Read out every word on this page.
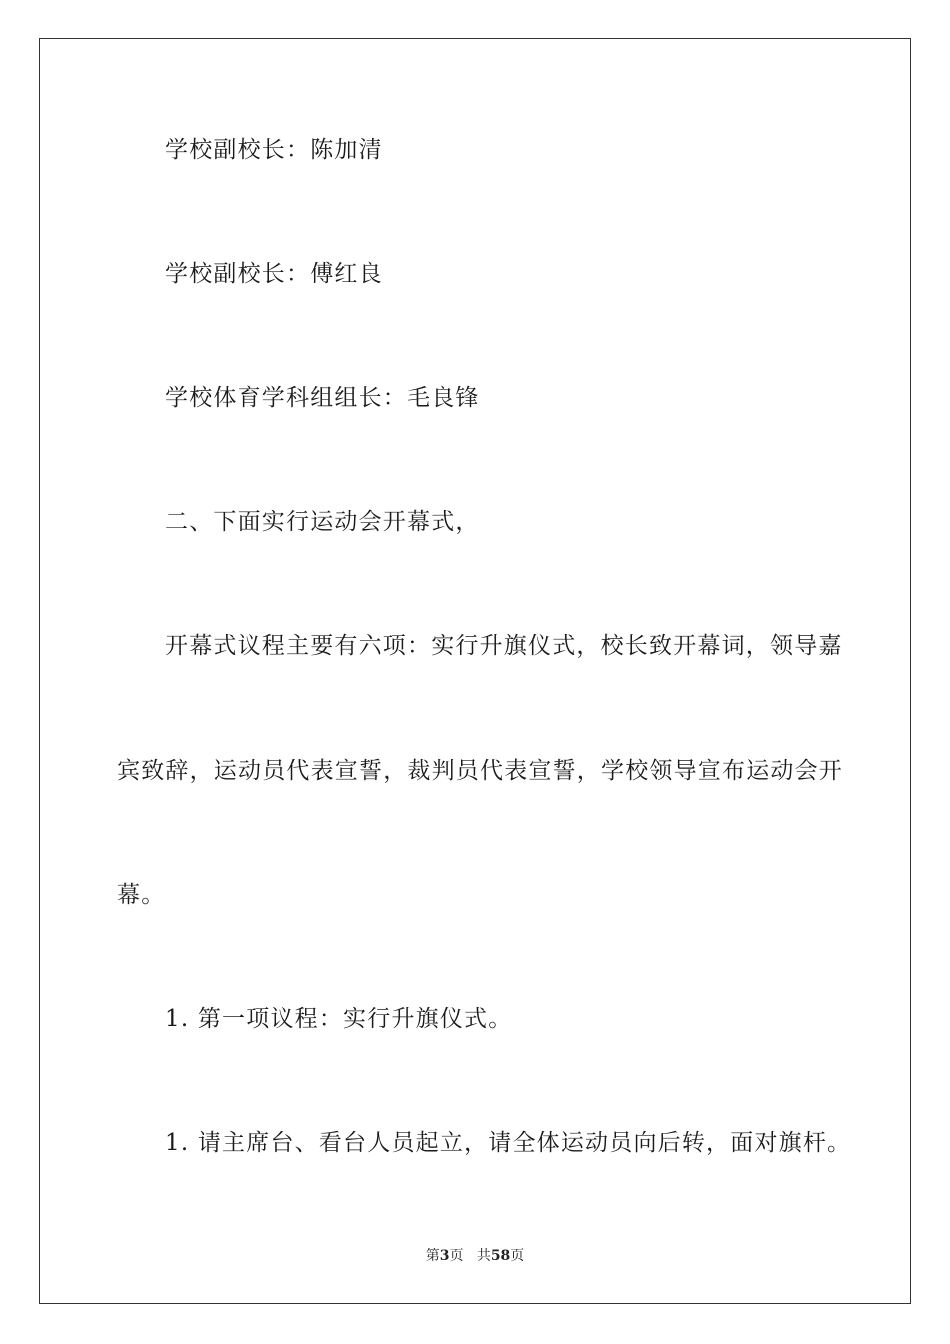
学校副校长：陈加清
学校副校长：傅红良
学校体育学科组组长：毛良锋
二、下面实行运动会开幕式，
开幕式议程主要有六项：实行升旗仪式，校长致开幕词，领导嘉
宾致辞，运动员代表宣誓，裁判员代表宣誓，学校领导宣布运动会开
幕。
1. 第一项议程：实行升旗仪式。
1. 请主席台、看台人员起立，请全体运动员向后转，面对旗杆。
第3页 共58页
